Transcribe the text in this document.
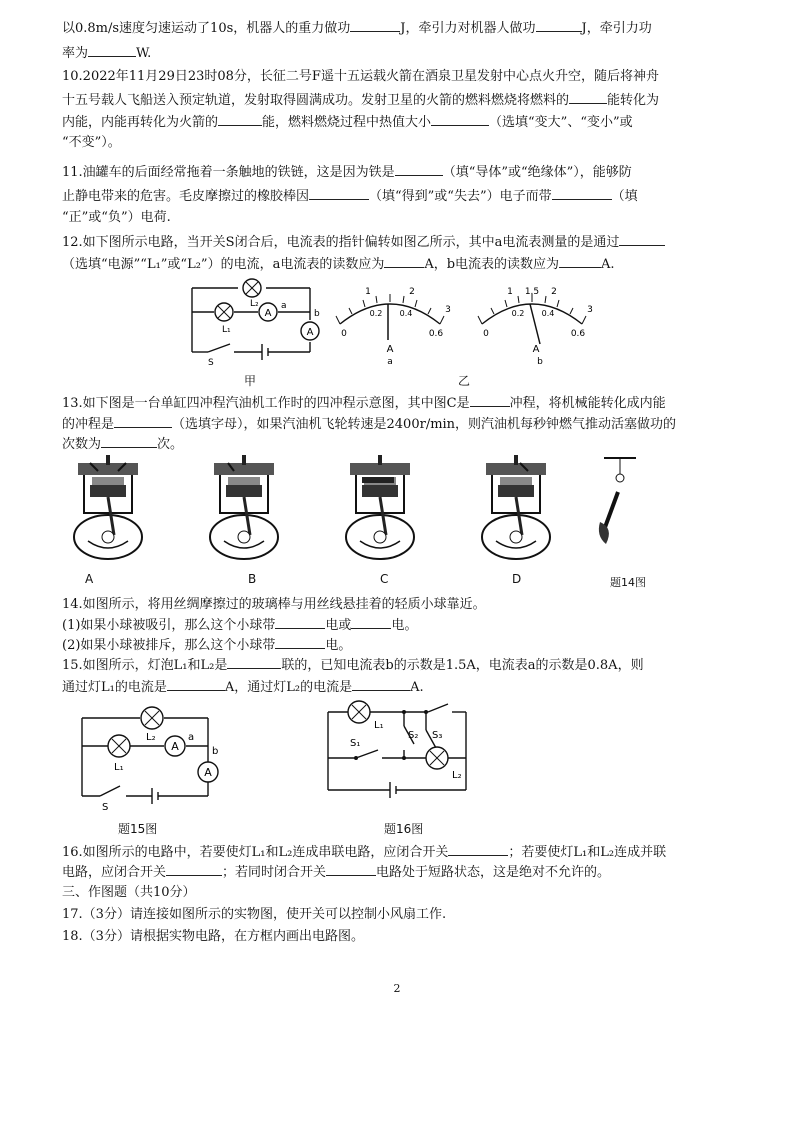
以0.8m/s速度匀速运动了10s，机器人的重力做功	J，牵引力对机器人做功	J，牵引力功
率为	W.
10.2022年11月29日23时08分，长征二号F遥十五运载火箭在酒泉卫星发射中心点火升空，随后将神舟
十五号载人飞船送入预定轨道，发射取得圆满成功。发射卫星的火箭的燃料燃烧将燃料的	能转化为
内能，内能再转化为火箭的	能，燃料燃烧过程中热值大小	（选填“变大”、“变小”或
“不变”）。
11.油罐车的后面经常拖着一条触地的铁链，这是因为铁是	（填“导体”或“绝缘体”），能够防
止静电带来的危害。毛皮摩擦过的橡胶棒因	（填“得到”或“失去”）电子而带	（填
“正”或“负”）电荷.
12.如下图所示电路，当开关S闭合后，电流表的指针偏转如图乙所示，其中a电流表测量的是通过
（选填“电源”“L₁”或“L₂”）的电流，a电流表的读数应为	A，b电流表的读数应为	A.
A
A
L₂
L₁
a
b
S
甲
1	2
3
0
0.2 0.4
0.6
A
a
1 1.5 2
3
0
0.2 0.4
0.6
A
b
乙
13.如下图是一台单缸四冲程汽油机工作时的四冲程示意图，其中图C是	冲程，将机械能转化成内能
的冲程是	（选填字母），如果汽油机飞轮转速是2400r/min，则汽油机每秒钟燃气推动活塞做功的
次数为	次。
A	B	C	D	题14图
14.如图所示，将用丝绸摩擦过的玻璃棒与用丝线悬挂着的轻质小球靠近。
(1)如果小球被吸引，那么这个小球带	电或	电。
(2)如果小球被排斥，那么这个小球带	电。
15.如图所示，灯泡L₁和L₂是	联的，已知电流表b的示数是1.5A，电流表a的示数是0.8A，则
通过灯L₁的电流是	A，通过灯L₂的电流是	A.
A
A
L₂
L₁
a
b
S
题15图
L₁
S₁
S₂ S₃
L₂
题16图
16.如图所示的电路中，若要使灯L₁和L₂连成串联电路，应闭合开关	；若要使灯L₁和L₂连成并联
电路，应闭合开关	；若同时闭合开关	电路处于短路状态，这是绝对不允许的。
三、作图题（共10分）
17.（3分）请连接如图所示的实物图，使开关可以控制小风扇工作.
18.（3分）请根据实物电路，在方框内画出电路图。
2
